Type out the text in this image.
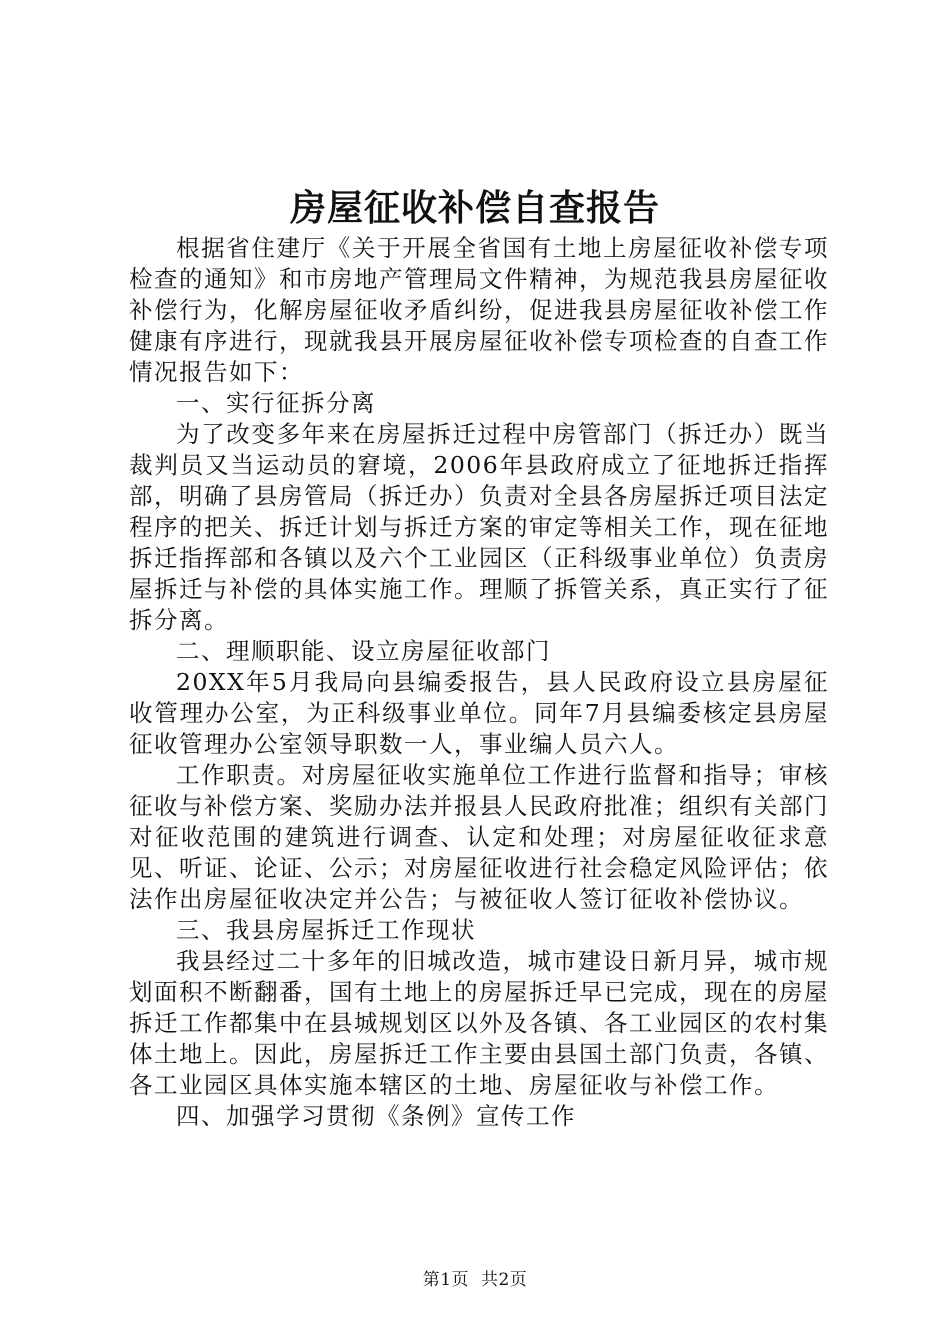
房屋征收补偿自查报告

根据省住建厅《关于开展全省国有土地上房屋征收补偿专项检查的通知》和市房地产管理局文件精神，为规范我县房屋征收补偿行为，化解房屋征收矛盾纠纷，促进我县房屋征收补偿工作健康有序进行，现就我县开展房屋征收补偿专项检查的自查工作情况报告如下：

一、实行征拆分离

为了改变多年来在房屋拆迁过程中房管部门（拆迁办）既当裁判员又当运动员的窘境，2006年县政府成立了征地拆迁指挥部，明确了县房管局（拆迁办）负责对全县各房屋拆迁项目法定程序的把关、拆迁计划与拆迁方案的审定等相关工作，现在征地拆迁指挥部和各镇以及六个工业园区（正科级事业单位）负责房屋拆迁与补偿的具体实施工作。理顺了拆管关系，真正实行了征拆分离。

二、理顺职能、设立房屋征收部门

20XX年5月我局向县编委报告，县人民政府设立县房屋征收管理办公室，为正科级事业单位。同年7月县编委核定县房屋征收管理办公室领导职数一人，事业编人员六人。

工作职责。对房屋征收实施单位工作进行监督和指导；审核征收与补偿方案、奖励办法并报县人民政府批准；组织有关部门对征收范围的建筑进行调查、认定和处理；对房屋征收征求意见、听证、论证、公示；对房屋征收进行社会稳定风险评估；依法作出房屋征收决定并公告；与被征收人签订征收补偿协议。

三、我县房屋拆迁工作现状

我县经过二十多年的旧城改造，城市建设日新月异，城市规划面积不断翻番，国有土地上的房屋拆迁早已完成，现在的房屋拆迁工作都集中在县城规划区以外及各镇、各工业园区的农村集体土地上。因此，房屋拆迁工作主要由县国土部门负责，各镇、各工业园区具体实施本辖区的土地、房屋征收与补偿工作。

四、加强学习贯彻《条例》宣传工作

第1页 共2页
